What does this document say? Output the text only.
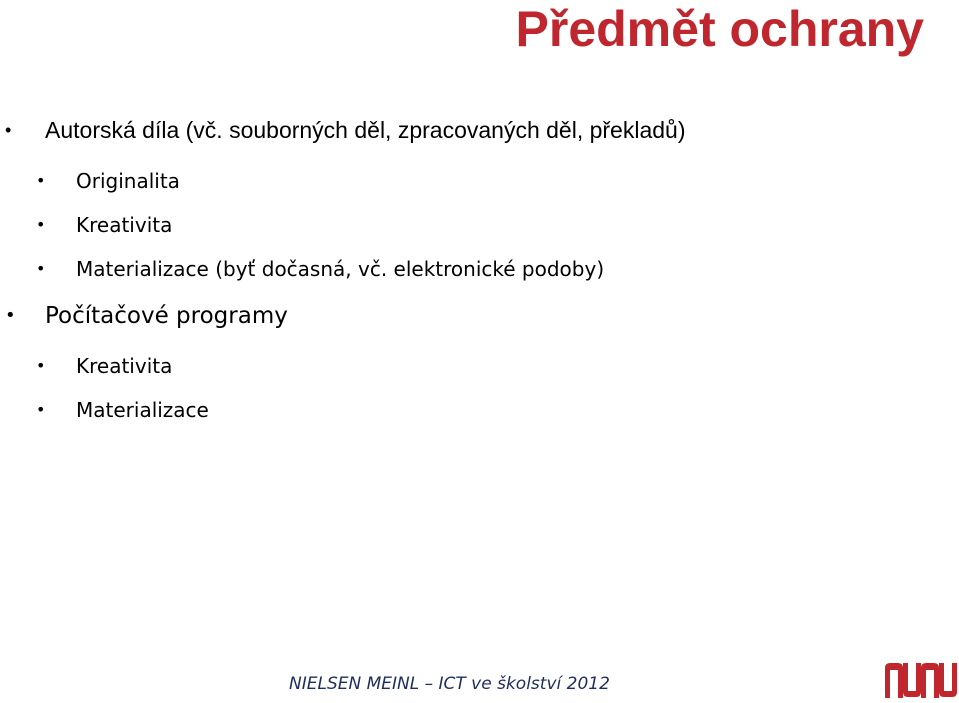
Předmět ochrany
• Autorská díla (vč. souborných děl, zpracovaných děl, překladů)
• Originalita
• Kreativita
• Materializace (byť dočasná, vč. elektronické podoby)
• Počítačové programy
• Kreativita
• Materializace
NIELSEN MEINL – ICT ve školství 2012
